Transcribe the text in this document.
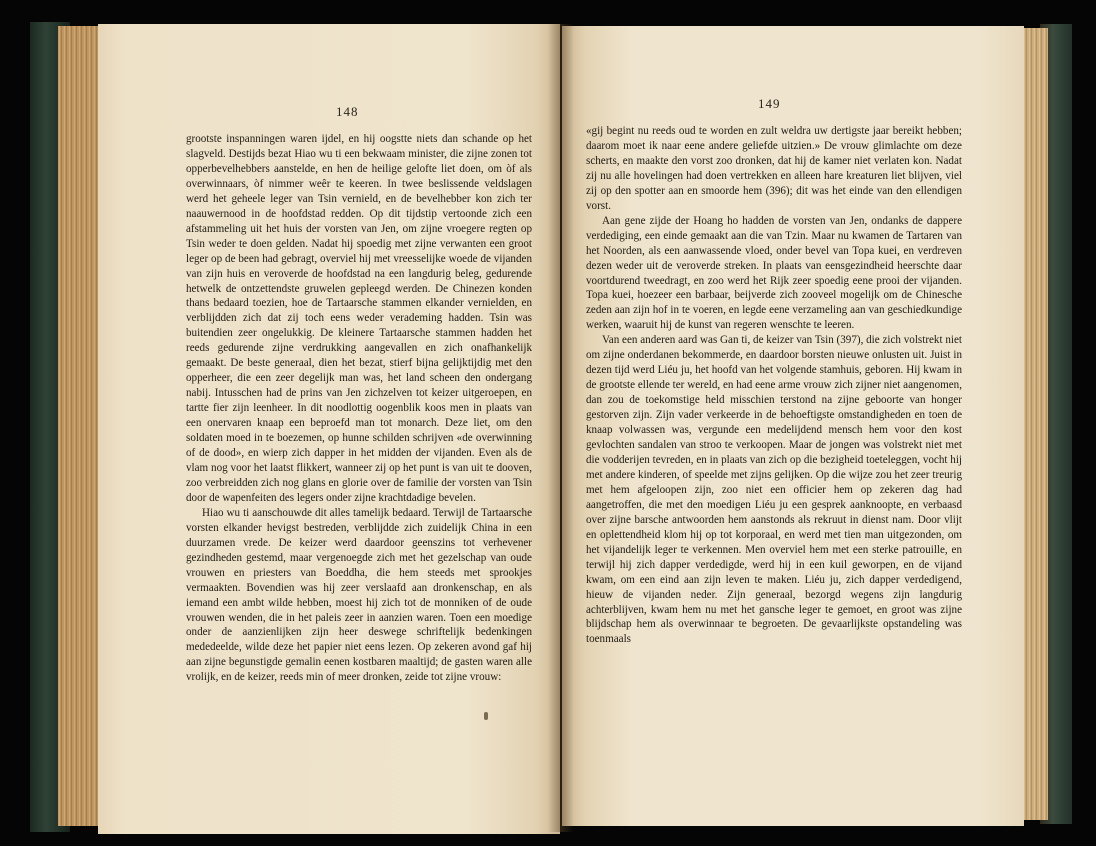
148

grootste inspanningen waren ijdel, en hij oogstte niets dan schande op het slagveld. Destijds bezat Hiao wu ti een bekwaam minister, die zijne zonen tot opperbevelhebbers aanstelde, en hen de heilige gelofte liet doen, om òf als overwinnaars, òf nimmer weêr te keeren. In twee beslissende veldslagen werd het geheele leger van Tsin vernield, en de bevelhebber kon zich ter naauwernood in de hoofdstad redden. Op dit tijdstip vertoonde zich een afstammeling uit het huis der vorsten van Jen, om zijne vroegere regten op Tsin weder te doen gelden. Nadat hij spoedig met zijne verwanten een groot leger op de been had gebragt, overviel hij met vreesselijke woede de vijanden van zijn huis en veroverde de hoofdstad na een langdurig beleg, gedurende hetwelk de ontzettendste gruwelen gepleegd werden. De Chinezen konden thans bedaard toezien, hoe de Tartaarsche stammen elkander vernielden, en verblijdden zich dat zij toch eens weder verademing hadden. Tsin was buitendien zeer ongelukkig. De kleinere Tartaarsche stammen hadden het reeds gedurende zijne verdrukking aangevallen en zich onafhankelijk gemaakt. De beste generaal, dien het bezat, stierf bijna gelijktijdig met den opperheer, die een zeer degelijk man was, het land scheen den ondergang nabij. Intusschen had de prins van Jen zichzelven tot keizer uitgeroepen, en tartte fier zijn leenheer. In dit noodlottig oogenblik koos men in plaats van een onervaren knaap een beproefd man tot monarch. Deze liet, om den soldaten moed in te boezemen, op hunne schilden schrijven «de overwinning of de dood», en wierp zich dapper in het midden der vijanden. Even als de vlam nog voor het laatst flikkert, wanneer zij op het punt is van uit te dooven, zoo verbreidden zich nog glans en glorie over de familie der vorsten van Tsin door de wapenfeiten des legers onder zijne krachtdadige bevelen.

Hiao wu ti aanschouwde dit alles tamelijk bedaard. Terwijl de Tartaarsche vorsten elkander hevigst bestreden, verblijdde zich zuidelijk China in een duurzamen vrede. De keizer werd daardoor geenszins tot verhevener gezindheden gestemd, maar vergenoegde zich met het gezelschap van oude vrouwen en priesters van Boeddha, die hem steeds met sprookjes vermaakten. Bovendien was hij zeer verslaafd aan dronkenschap, en als iemand een ambt wilde hebben, moest hij zich tot de monniken of de oude vrouwen wenden, die in het paleis zeer in aanzien waren. Toen een moedige onder de aanzienlijken zijn heer deswege schriftelijk bedenkingen mededeelde, wilde deze het papier niet eens lezen. Op zekeren avond gaf hij aan zijne begunstigde gemalin eenen kostbaren maaltijd; de gasten waren alle vrolijk, en de keizer, reeds min of meer dronken, zeide tot zijne vrouw:

149

«gij begint nu reeds oud te worden en zult weldra uw dertigste jaar bereikt hebben; daarom moet ik naar eene andere geliefde uitzien.» De vrouw glimlachte om deze scherts, en maakte den vorst zoo dronken, dat hij de kamer niet verlaten kon. Nadat zij nu alle hovelingen had doen vertrekken en alleen hare kreaturen liet blijven, viel zij op den spotter aan en smoorde hem (396); dit was het einde van den ellendigen vorst.

Aan gene zijde der Hoang ho hadden de vorsten van Jen, ondanks de dappere verdediging, een einde gemaakt aan die van Tzin. Maar nu kwamen de Tartaren van het Noorden, als een aanwassende vloed, onder bevel van Topa kuei, en verdreven dezen weder uit de veroverde streken. In plaats van eensgezindheid heerschte daar voortdurend tweedragt, en zoo werd het Rijk zeer spoedig eene prooi der vijanden. Topa kuei, hoezeer een barbaar, beijverde zich zooveel mogelijk om de Chinesche zeden aan zijn hof in te voeren, en legde eene verzameling aan van geschiedkundige werken, waaruit hij de kunst van regeren wenschte te leeren.

Van een anderen aard was Gan ti, de keizer van Tsin (397), die zich volstrekt niet om zijne onderdanen bekommerde, en daardoor borsten nieuwe onlusten uit. Juist in dezen tijd werd Liéu ju, het hoofd van het volgende stamhuis, geboren. Hij kwam in de grootste ellende ter wereld, en had eene arme vrouw zich zijner niet aangenomen, dan zou de toekomstige held misschien terstond na zijne geboorte van honger gestorven zijn. Zijn vader verkeerde in de behoeftigste omstandigheden en toen de knaap volwassen was, vergunde een medelijdend mensch hem voor den kost gevlochten sandalen van stroo te verkoopen. Maar de jongen was volstrekt niet met die vodderijen tevreden, en in plaats van zich op die bezigheid toeteleggen, vocht hij met andere kinderen, of speelde met zijns gelijken. Op die wijze zou het zeer treurig met hem afgeloopen zijn, zoo niet een officier hem op zekeren dag had aangetroffen, die met den moedigen Liéu ju een gesprek aanknoopte, en verbaasd over zijne barsche antwoorden hem aanstonds als rekruut in dienst nam. Door vlijt en oplettendheid klom hij op tot korporaal, en werd met tien man uitgezonden, om het vijandelijk leger te verkennen. Men overviel hem met een sterke patrouille, en terwijl hij zich dapper verdedigde, werd hij in een kuil geworpen, en de vijand kwam, om een eind aan zijn leven te maken. Liéu ju, zich dapper verdedigend, hieuw de vijanden neder. Zijn generaal, bezorgd wegens zijn langdurig achterblijven, kwam hem nu met het gansche leger te gemoet, en groot was zijne blijdschap hem als overwinnaar te begroeten. De gevaarlijkste opstandeling was toenmaals
